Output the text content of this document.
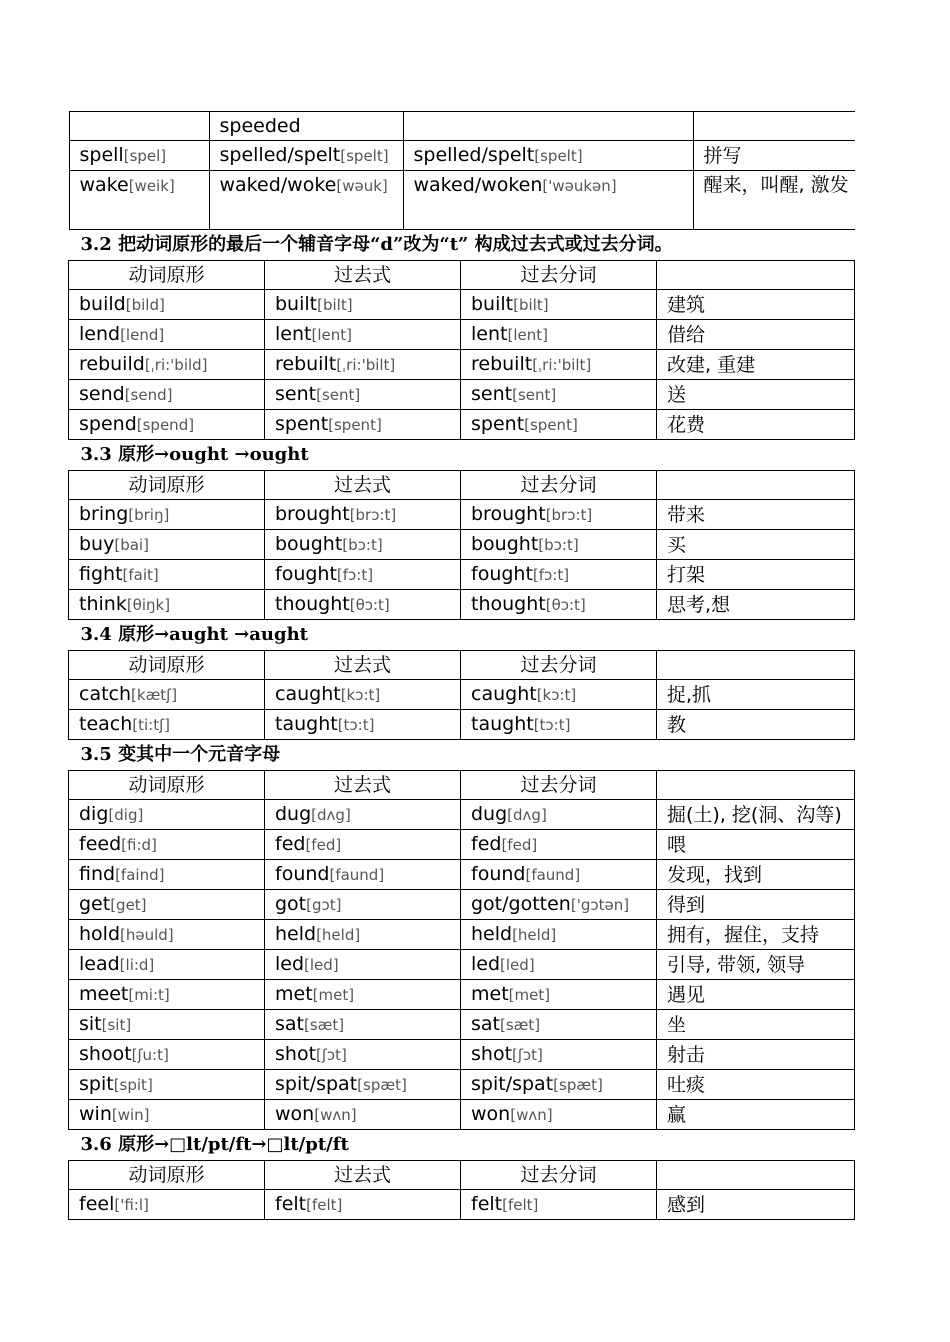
	speeded		
spell[spel]	spelled/spelt[spelt]	spelled/spelt[spelt]	拼写
wake[weik]	waked/woke[wəuk]	waked/woken['wəukən]	醒来，叫醒, 激发

3.2 把动词原形的最后一个辅音字母“d”改为“t” 构成过去式或过去分词。
动词原形	过去式	过去分词	
build[bild]	built[bilt]	built[bilt]	建筑
lend[lend]	lent[lent]	lent[lent]	借给
rebuild[ˌri:'bild]	rebuilt[ˌri:'bilt]	rebuilt[ˌri:'bilt]	改建, 重建
send[send]	sent[sent]	sent[sent]	送
spend[spend]	spent[spent]	spent[spent]	花费
3.3 原形→ought →ought
动词原形	过去式	过去分词	
bring[briŋ]	brought[brɔ:t]	brought[brɔ:t]	带来
buy[bai]	bought[bɔ:t]	bought[bɔ:t]	买
fight[fait]	fought[fɔ:t]	fought[fɔ:t]	打架
think[θiŋk]	thought[θɔ:t]	thought[θɔ:t]	思考,想
3.4 原形→aught →aught
动词原形	过去式	过去分词	
catch[kætʃ]	caught[kɔ:t]	caught[kɔ:t]	捉,抓
teach[ti:tʃ]	taught[tɔ:t]	taught[tɔ:t]	教
3.5 变其中一个元音字母
动词原形	过去式	过去分词	
dig[dig]	dug[dʌg]	dug[dʌg]	掘(土), 挖(洞、沟等)
feed[fi:d]	fed[fed]	fed[fed]	喂
find[faind]	found[faund]	found[faund]	发现，找到
get[get]	got[gɔt]	got/gotten['gɔtən]	得到
hold[həuld]	held[held]	held[held]	拥有，握住，支持
lead[li:d]	led[led]	led[led]	引导, 带领, 领导
meet[mi:t]	met[met]	met[met]	遇见
sit[sit]	sat[sæt]	sat[sæt]	坐
shoot[ʃu:t]	shot[ʃɔt]	shot[ʃɔt]	射击
spit[spit]	spit/spat[spæt]	spit/spat[spæt]	吐痰
win[win]	won[wʌn]	won[wʌn]	赢
3.6 原形→□lt/pt/ft→□lt/pt/ft
动词原形	过去式	过去分词	
feel['fi:l]	felt[felt]	felt[felt]	感到
